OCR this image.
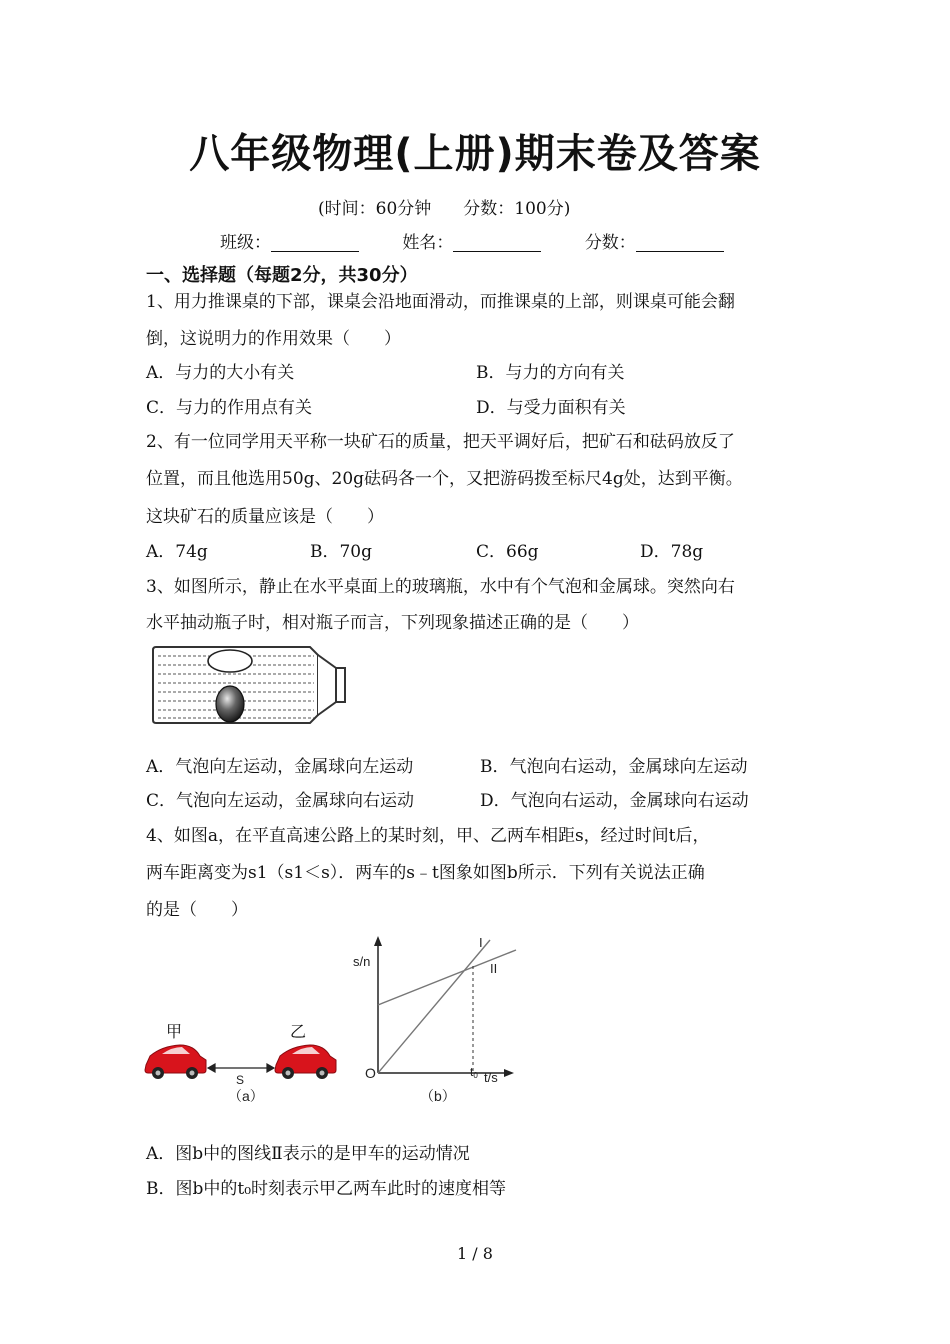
八年级物理(上册)期末卷及答案
(时间：60分钟 分数：100分)
班级：	姓名：	分数：
一、选择题（每题2分，共30分）
1、用力推课桌的下部，课桌会沿地面滑动，而推课桌的上部，则课桌可能会翻
倒，这说明力的作用效果（　　）
A．与力的大小有关	B．与力的方向有关
C．与力的作用点有关	D．与受力面积有关
2、有一位同学用天平称一块矿石的质量，把天平调好后，把矿石和砝码放反了
位置，而且他选用50g、20g砝码各一个，又把游码拨至标尺4g处，达到平衡。
这块矿石的质量应该是（　　）
A．74g	B．70g	C．66g	D．78g
3、如图所示，静止在水平桌面上的玻璃瓶，水中有个气泡和金属球。突然向右
水平抽动瓶子时，相对瓶子而言，下列现象描述正确的是（　　）
A．气泡向左运动，金属球向左运动	B．气泡向右运动，金属球向左运动
C．气泡向左运动，金属球向右运动	D．气泡向右运动，金属球向右运动
4、如图a，在平直高速公路上的某时刻，甲、乙两车相距s，经过时间t后，
两车距离变为s1（s1＜s）．两车的s﹣t图象如图b所示．下列有关说法正确
的是（　　）
甲	乙
S
（a）
s/n
t/s
O	t0
I
II
（b）
A．图b中的图线Ⅱ表示的是甲车的运动情况
B．图b中的t₀时刻表示甲乙两车此时的速度相等
1 / 8
